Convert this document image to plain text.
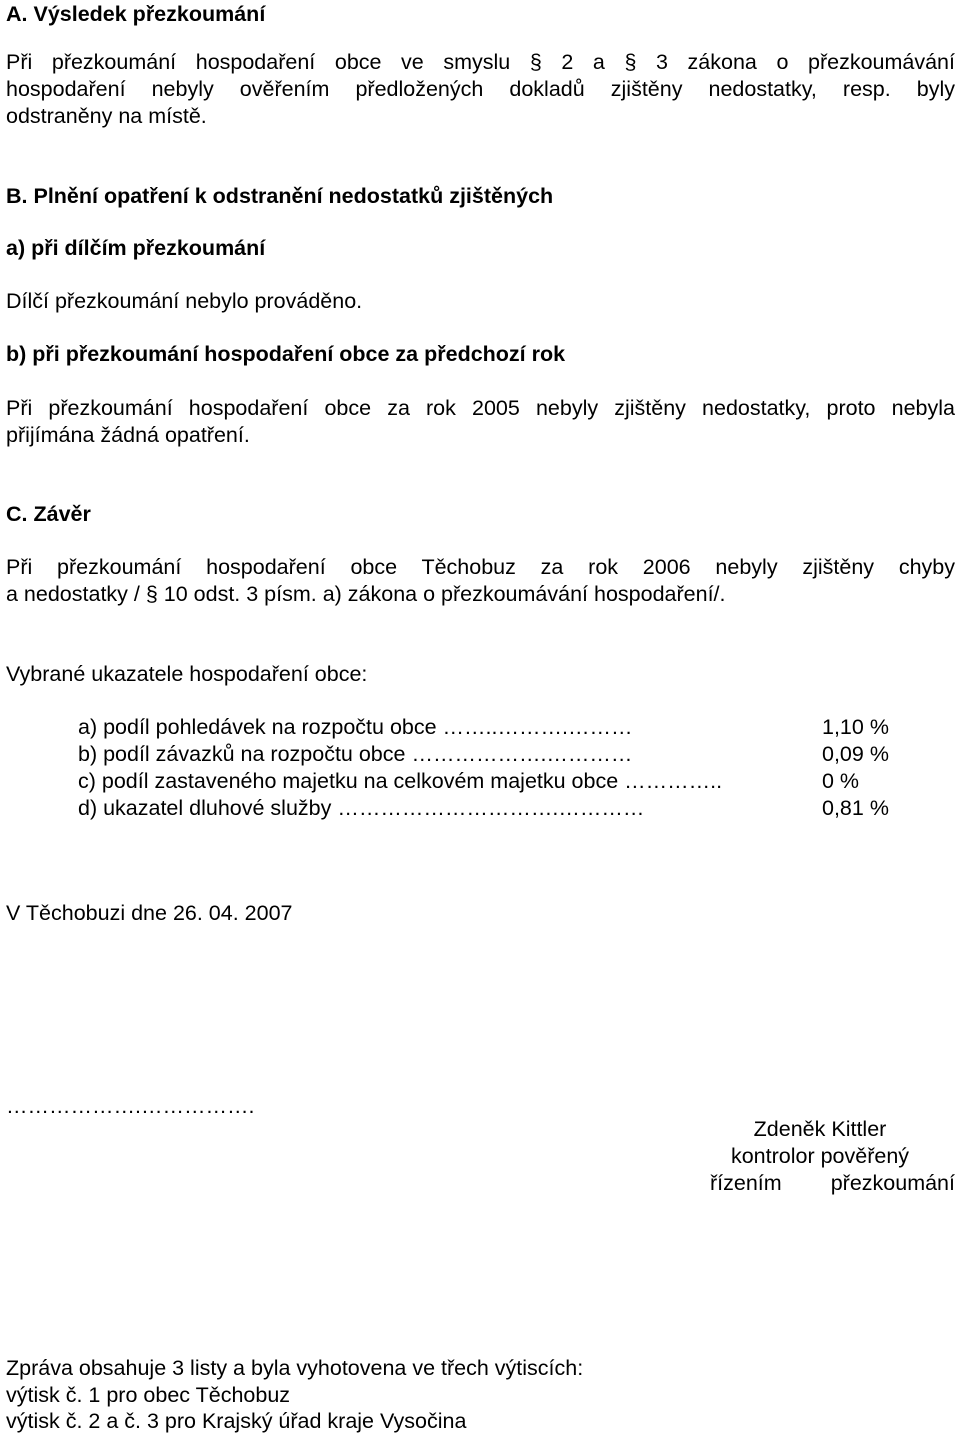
A. Výsledek přezkoumání
Při přezkoumání hospodaření obce ve smyslu § 2 a § 3 zákona o přezkoumávání
hospodaření nebyly ověřením předložených dokladů zjištěny nedostatky, resp. byly
odstraněny na místě.
B. Plnění opatření k odstranění nedostatků zjištěných
a) při dílčím přezkoumání
Dílčí přezkoumání nebylo prováděno.
b) při přezkoumání hospodaření obce za předchozí rok
Při přezkoumání hospodaření obce za rok 2005 nebyly zjištěny nedostatky, proto nebyla
přijímána žádná opatření.
C. Závěr
Při přezkoumání hospodaření obce Těchobuz za rok 2006 nebyly zjištěny chyby
a nedostatky / § 10 odst. 3 písm. a) zákona o přezkoumávání hospodaření/.
Vybrané ukazatele hospodaření obce:
a) podíl pohledávek na rozpočtu obce ……..……….………	1,10 %
b) podíl závazků na rozpočtu obce ……………….…………	0,09 %
c) podíl zastaveného majetku na celkovém majetku obce …………..	0 %
d) ukazatel dluhové služby ………………………….…………	0,81 %
V Těchobuzi dne 26. 04. 2007
……………….…………….
Zdeněk Kittler
kontrolor pověřený
řízením přezkoumání
Zpráva obsahuje 3 listy a byla vyhotovena ve třech výtiscích:
výtisk č. 1 pro obec Těchobuz
výtisk č. 2 a č. 3 pro Krajský úřad kraje Vysočina
